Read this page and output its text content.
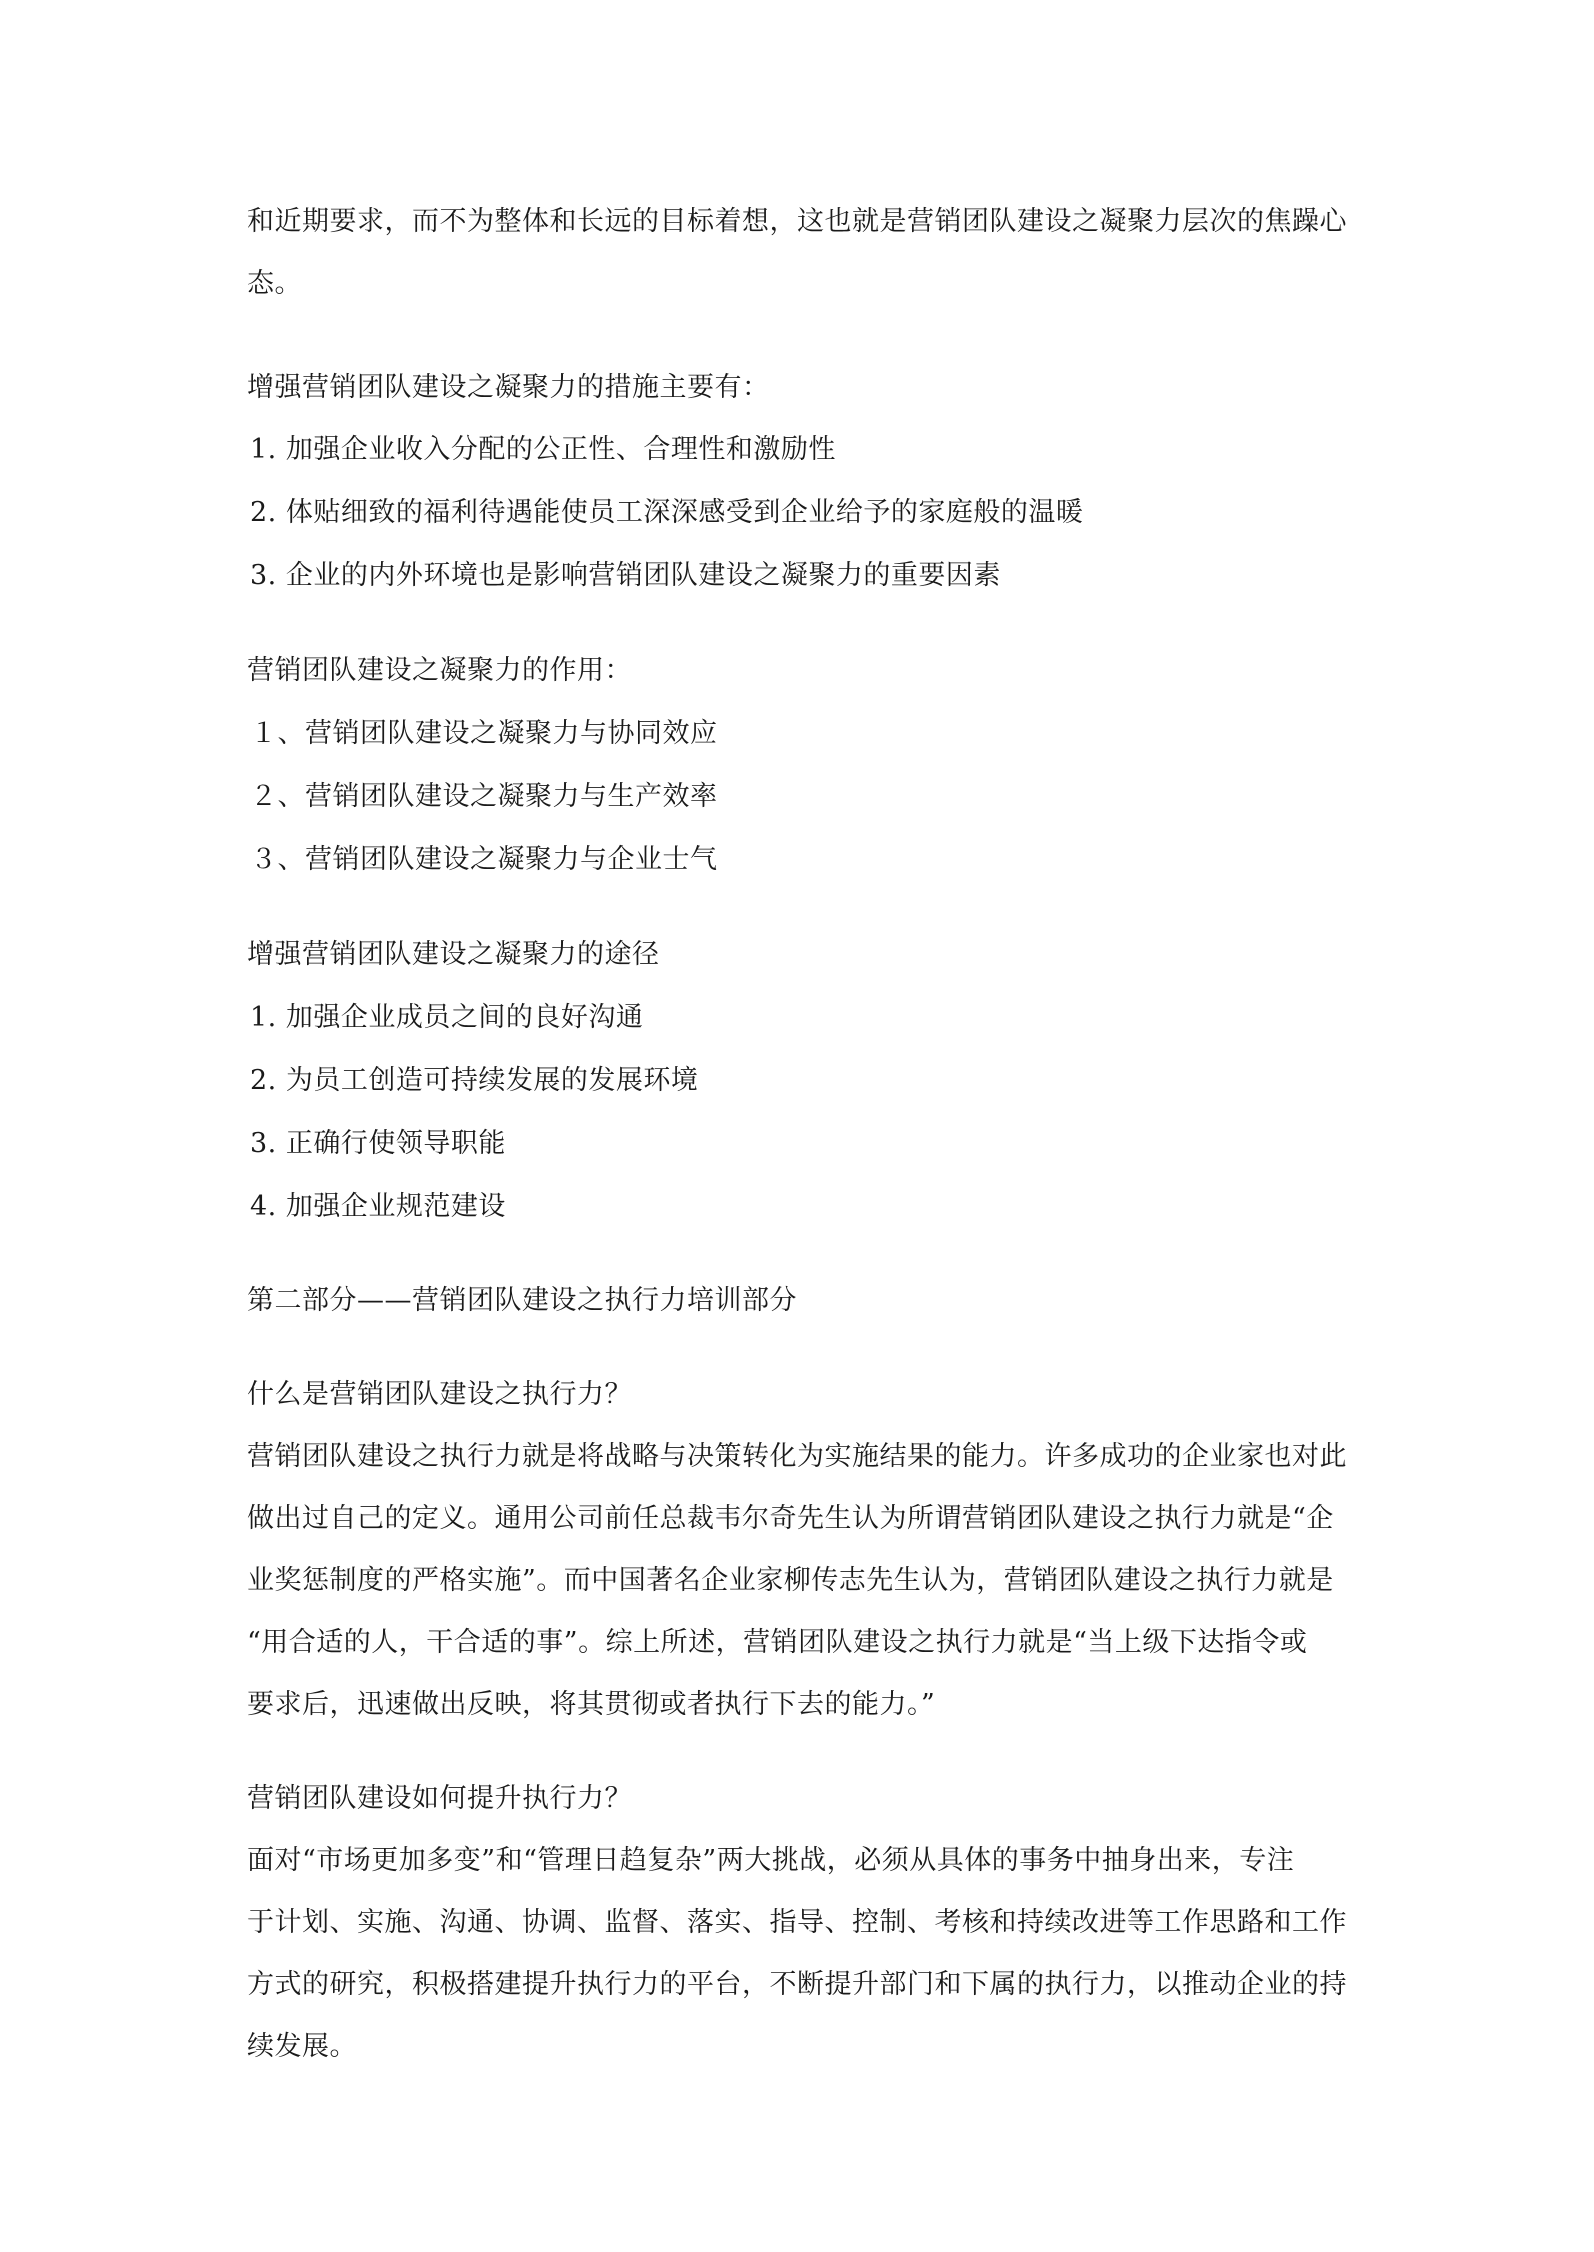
和近期要求，而不为整体和长远的目标着想，这也就是营销团队建设之凝聚力层次的焦躁心

态。

增强营销团队建设之凝聚力的措施主要有：

1. 加强企业收入分配的公正性、合理性和激励性

2. 体贴细致的福利待遇能使员工深深感受到企业给予的家庭般的温暖

3. 企业的内外环境也是影响营销团队建设之凝聚力的重要因素

营销团队建设之凝聚力的作用：

１、营销团队建设之凝聚力与协同效应

２、营销团队建设之凝聚力与生产效率

３、营销团队建设之凝聚力与企业士气

增强营销团队建设之凝聚力的途径

1. 加强企业成员之间的良好沟通

2. 为员工创造可持续发展的发展环境

3. 正确行使领导职能

4. 加强企业规范建设

第二部分——营销团队建设之执行力培训部分

什么是营销团队建设之执行力？

营销团队建设之执行力就是将战略与决策转化为实施结果的能力。许多成功的企业家也对此

做出过自己的定义。通用公司前任总裁韦尔奇先生认为所谓营销团队建设之执行力就是“企

业奖惩制度的严格实施”。而中国著名企业家柳传志先生认为，营销团队建设之执行力就是

“用合适的人，干合适的事”。综上所述，营销团队建设之执行力就是“当上级下达指令或

要求后，迅速做出反映，将其贯彻或者执行下去的能力。”

营销团队建设如何提升执行力？

面对“市场更加多变”和“管理日趋复杂”两大挑战，必须从具体的事务中抽身出来，专注

于计划、实施、沟通、协调、监督、落实、指导、控制、考核和持续改进等工作思路和工作

方式的研究，积极搭建提升执行力的平台，不断提升部门和下属的执行力，以推动企业的持

续发展。
